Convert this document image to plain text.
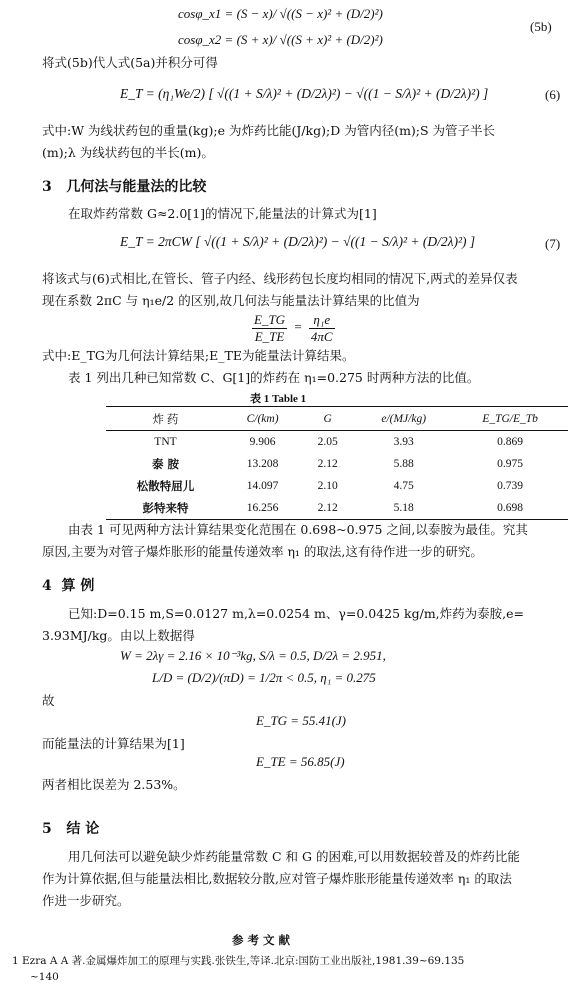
cosφ_x1 = (S − x)/ √((S − x)² + (D/2)²)
cosφ_x2 = (S + x)/ √((S + x)² + (D/2)²)
(5b)
将式(5b)代人式(5a)并积分可得
E_T = (η₁We/2) [ √((1 + S/λ)² + (D/2λ)²) − √((1 − S/λ)² + (D/2λ)²) ]	(6)
式中:W 为线状药包的重量(kg);e 为炸药比能(J/kg);D 为管内径(m);S 为管子半长
(m);λ 为线状药包的半长(m)。
3 几何法与能量法的比较
在取炸药常数 G≈2.0[1]的情况下,能量法的计算式为[1]
E_T = 2πCW [ √((1 + S/λ)² + (D/2λ)²) − √((1 − S/λ)² + (D/2λ)²) ]	(7)
将该式与(6)式相比,在管长、管子内经、线形药包长度均相同的情况下,两式的差异仅表
现在系数 2πC 与 η₁e/2 的区别,故几何法与能量法计算结果的比值为
$\frac{E\_TG}{E\_TE} = \frac{\text{η₁e}}{4\pi C}$
式中:E_TG为几何法计算结果;E_TE为能量法计算结果。
表 1 列出几种已知常数 C、G[1]的炸药在 η₁=0.275 时两种方法的比值。
表 1 Table 1
炸 药	C/(km)	G	e/(MJ/kg)	E_TG/E_Tb
TNT	9.906	2.05	3.93	0.869
泰 胺	13.208	2.12	5.88	0.975
松散特屈儿	14.097	2.10	4.75	0.739
彭特来特	16.256	2.12	5.18	0.698
由表 1 可见两种方法计算结果变化范围在 0.698~0.975 之间,以泰胺为最佳。究其
原因,主要为对管子爆炸胀形的能量传递效率 η₁ 的取法,这有待作进一步的研究。
4 算 例
已知:D=0.15 m,S=0.0127 m,λ=0.0254 m、γ=0.0425 kg/m,炸药为泰胺,e=
3.93MJ/kg。由以上数据得
W = 2λγ = 2.16 × 10⁻³kg, S/λ = 0.5, D/2λ = 2.951,
L/D = (D/2)/(πD) = 1/2π < 0.5, η₁ = 0.275
故
E_TG = 55.41(J)
而能量法的计算结果为[1]
E_TE = 56.85(J)
两者相比误差为 2.53%。
5 结 论
用几何法可以避免缺少炸药能量常数 C 和 G 的困难,可以用数据较普及的炸药比能
作为计算依据,但与能量法相比,数据较分散,应对管子爆炸胀形能量传递效率 η₁ 的取法
作进一步研究。
参 考 文 献
1 Ezra A A 著.金属爆炸加工的原理与实践.张铁生,等译.北京:国防工业出版社,1981.39~69.135
~140
